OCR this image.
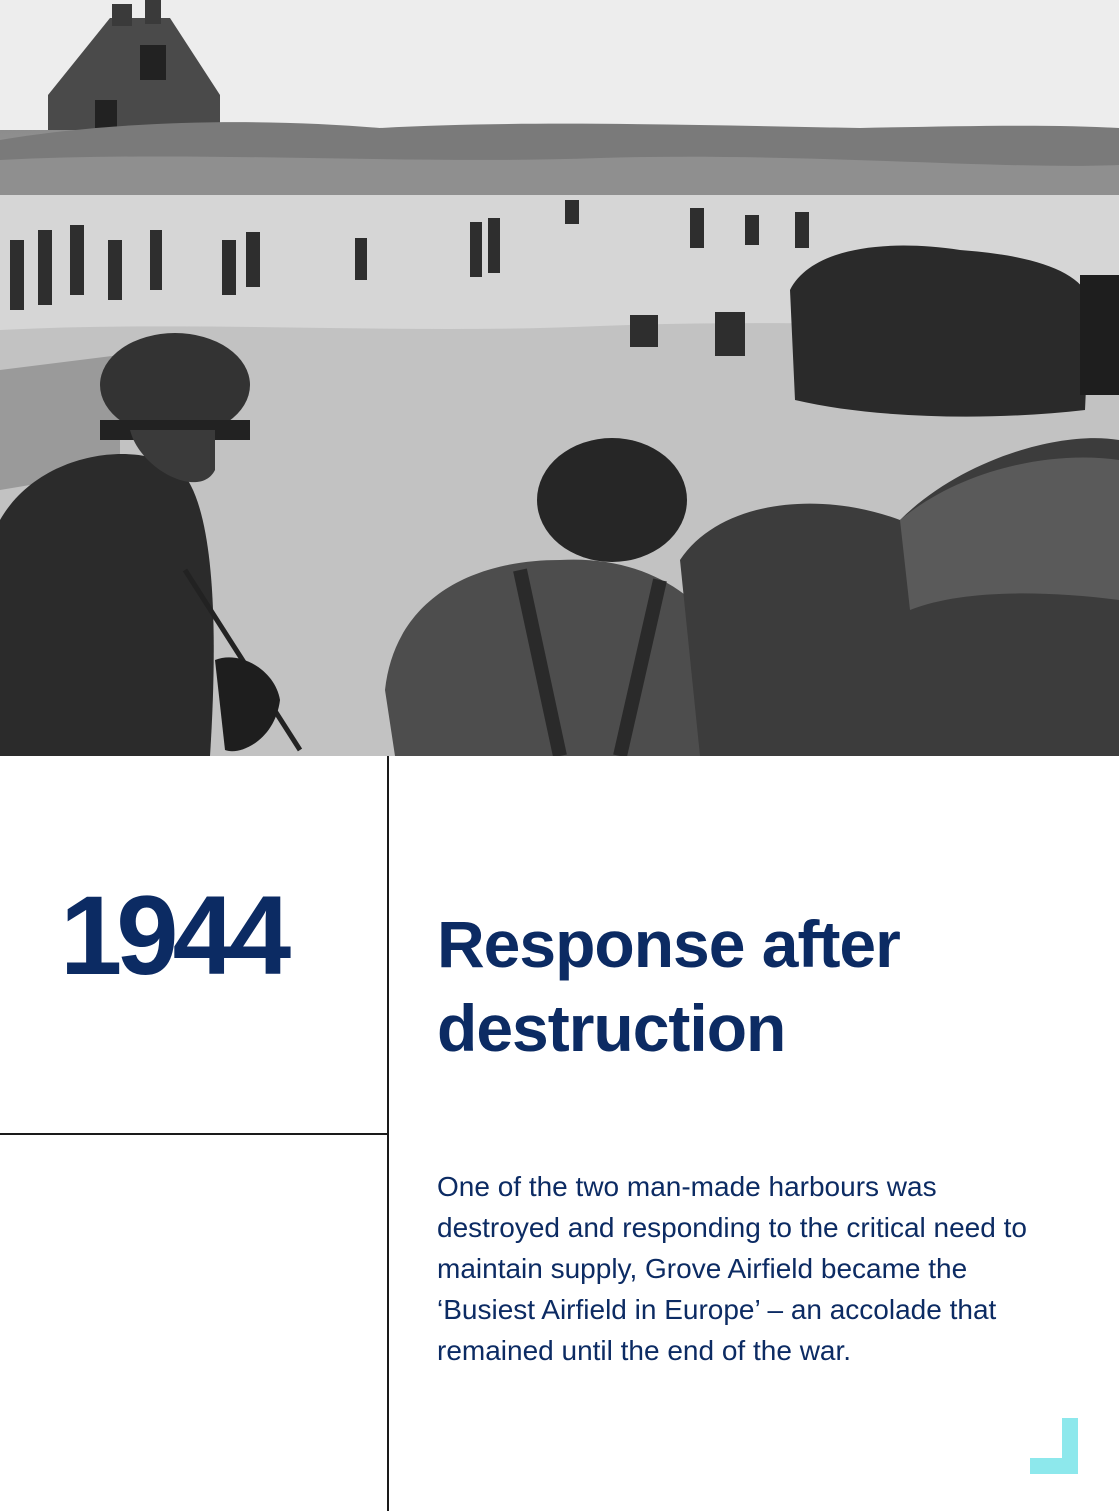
1944	Response after destruction

One of the two man-made harbours was destroyed and responding to the critical need to maintain supply, Grove Airfield became the ‘Busiest Airfield in Europe’ – an accolade that remained until the end of the war.
